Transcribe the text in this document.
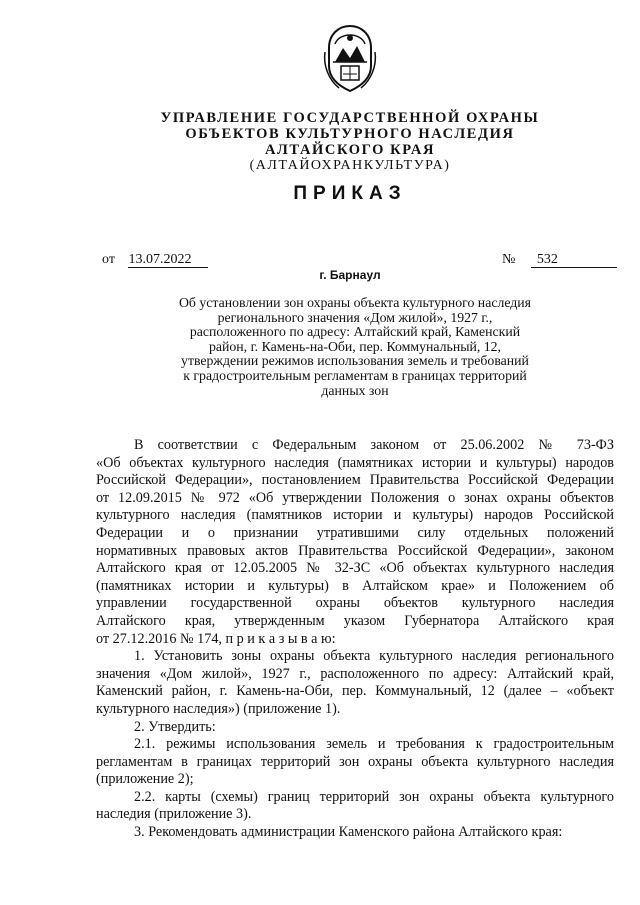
УПРАВЛЕНИЕ ГОСУДАРСТВЕННОЙ ОХРАНЫ
ОБЪЕКТОВ КУЛЬТУРНОГО НАСЛЕДИЯ
АЛТАЙСКОГО КРАЯ
(АЛТАЙОХРАНКУЛЬТУРА)
ПРИКАЗ
от 13.07.2022	№ 532
г. Барнаул
Об установлении зон охраны объекта культурного наследия
регионального значения «Дом жилой», 1927 г.,
расположенного по адресу: Алтайский край, Каменский
район, г. Камень-на-Оби, пер. Коммунальный, 12,
утверждении режимов использования земель и требований
к градостроительным регламентам в границах территорий
данных зон
В соответствии с Федеральным законом от 25.06.2002 № 73-ФЗ
«Об объектах культурного наследия (памятниках истории и культуры) народов
Российской Федерации», постановлением Правительства Российской Федерации
от 12.09.2015 № 972 «Об утверждении Положения о зонах охраны объектов
культурного наследия (памятников истории и культуры) народов Российской
Федерации и о признании утратившими силу отдельных положений
нормативных правовых актов Правительства Российской Федерации», законом
Алтайского края от 12.05.2005 № 32-ЗС «Об объектах культурного наследия
(памятниках истории и культуры) в Алтайском крае» и Положением об
управлении государственной охраны объектов культурного наследия
Алтайского края, утвержденным указом Губернатора Алтайского края
от 27.12.2016 № 174, п р и к а з ы в а ю:
1. Установить зоны охраны объекта культурного наследия регионального
значения «Дом жилой», 1927 г., расположенного по адресу: Алтайский край,
Каменский район, г. Камень-на-Оби, пер. Коммунальный, 12 (далее – «объект
культурного наследия») (приложение 1).
2. Утвердить:
2.1. режимы использования земель и требования к градостроительным
регламентам в границах территорий зон охраны объекта культурного наследия
(приложение 2);
2.2. карты (схемы) границ территорий зон охраны объекта культурного
наследия (приложение 3).
3. Рекомендовать администрации Каменского района Алтайского края:
